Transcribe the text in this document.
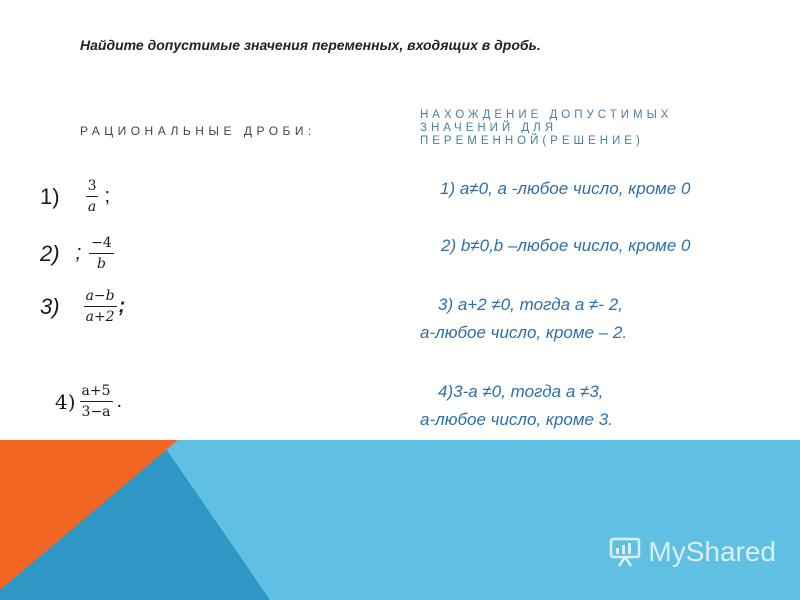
Найдите допустимые значения переменных, входящих в дробь.
РАЦИОНАЛЬНЫЕ ДРОБИ:
НАХОЖДЕНИЕ ДОПУСТИМЫХ
ЗНАЧЕНИЙ ДЛЯ
ПЕРЕМЕННОЙ(РЕШЕНИЕ)
$1) \frac{3}{a}$ ;
2) ; $\frac{-4}{b}$
$3) \frac{a-b}{a+2}$ ;
$4) \frac{a+5}{3-a}$ .
1) a≠0, a -любое число, кроме 0
2) b≠0,b –любое число, кроме 0
3) a+2 ≠0, тогда a ≠- 2,
a-любое число, кроме – 2.
4)3-a ≠0, тогда a ≠3,
a-любое число, кроме 3.
MyShared
